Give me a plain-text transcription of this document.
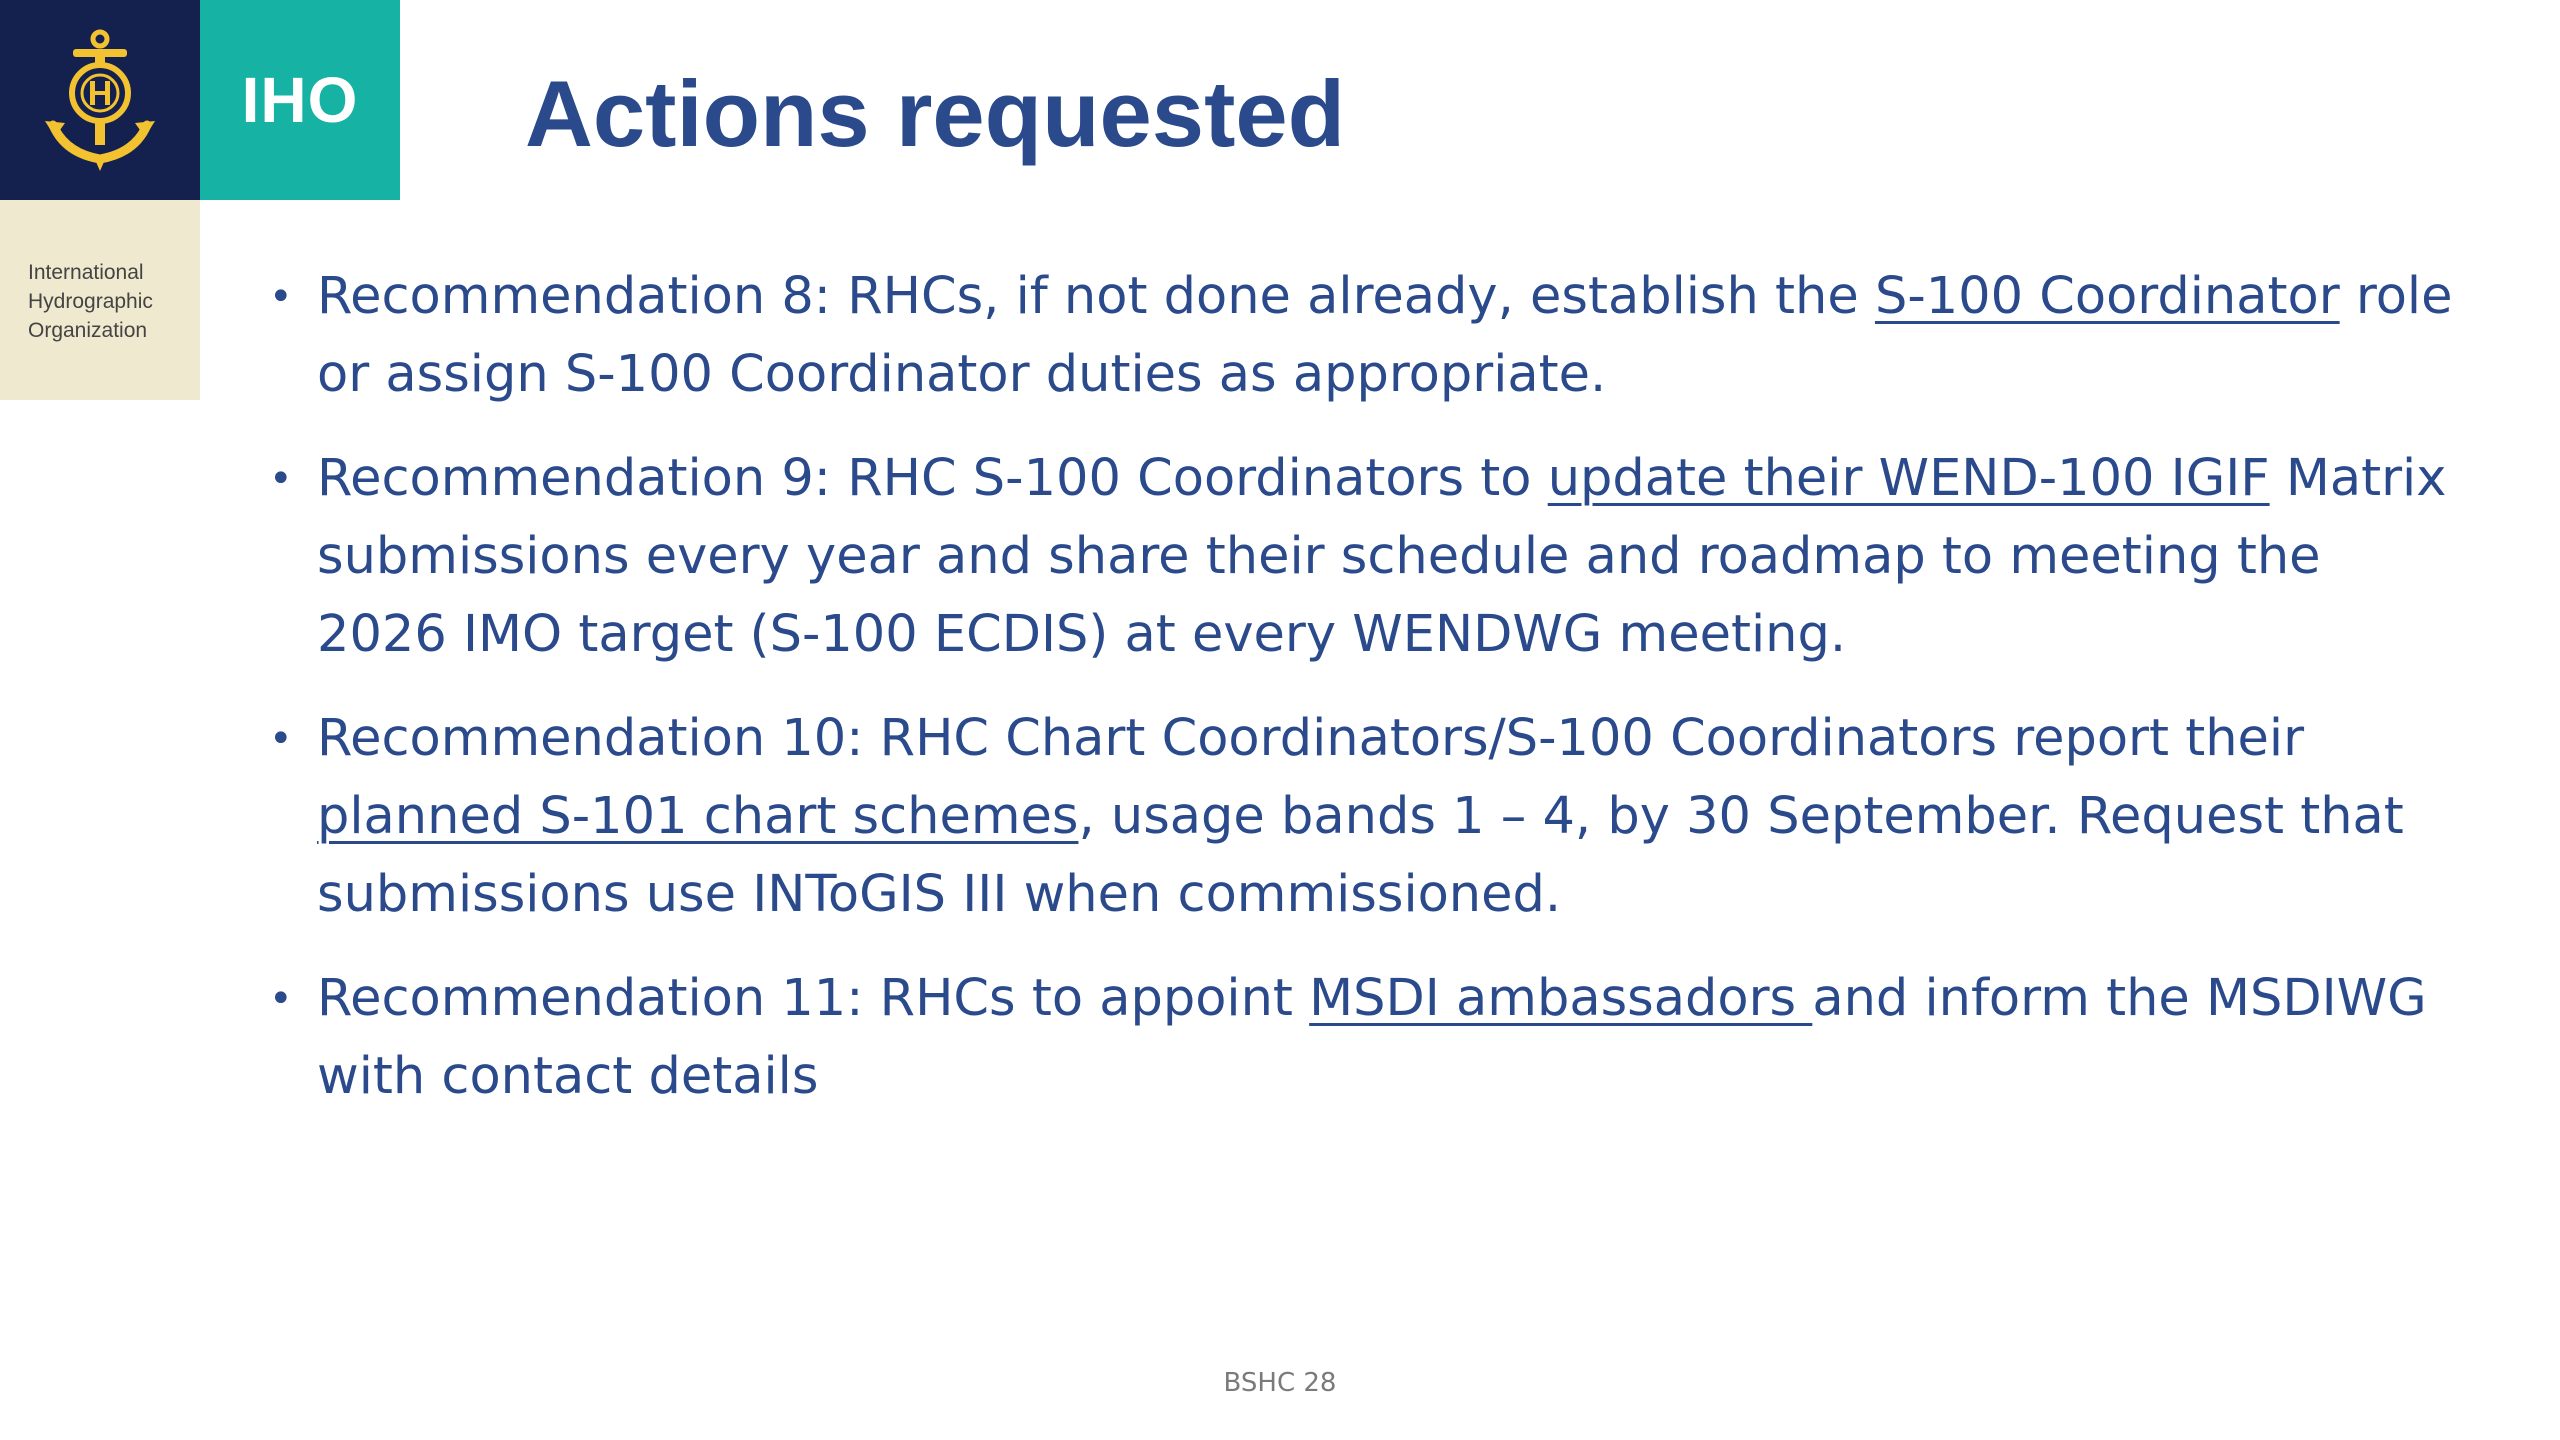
IHO
International
Hydrographic
Organization
Actions requested
• Recommendation 8: RHCs, if not done already, establish the S-100 Coordinator role or assign S-100 Coordinator duties as appropriate.
• Recommendation 9: RHC S-100 Coordinators to update their WEND-100 IGIF Matrix submissions every year and share their schedule and roadmap to meeting the 2026 IMO target (S-100 ECDIS) at every WENDWG meeting.
• Recommendation 10: RHC Chart Coordinators/S-100 Coordinators report their planned S-101 chart schemes, usage bands 1 – 4, by 30 September. Request that submissions use INToGIS III when commissioned.
• Recommendation 11: RHCs to appoint MSDI ambassadors and inform the MSDIWG with contact details
BSHC 28
